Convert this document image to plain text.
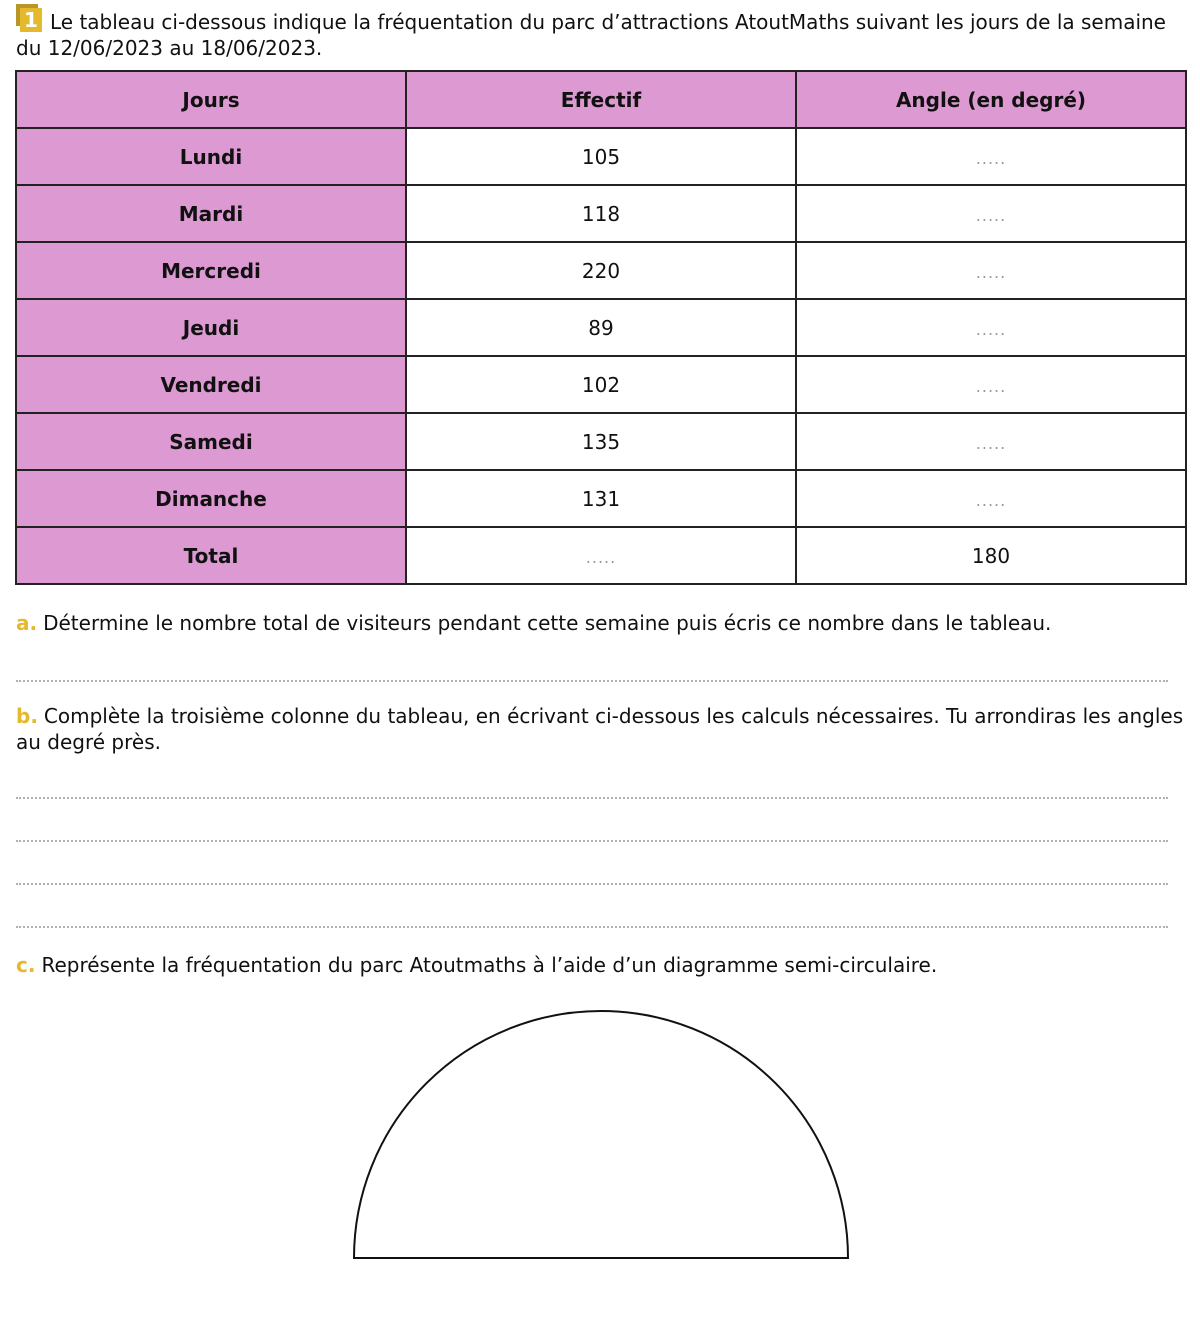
1 Le tableau ci-dessous indique la fréquentation du parc d’attractions AtoutMaths suivant les jours de la semaine du 12/06/2023 au 18/06/2023.
Jours	Effectif	Angle (en degré)
Lundi	105	.....
Mardi	118	.....
Mercredi	220	.....
Jeudi	89	.....
Vendredi	102	.....
Samedi	135	.....
Dimanche	131	.....
Total	.....	180
a. Détermine le nombre total de visiteurs pendant cette semaine puis écris ce nombre dans le tableau.
b. Complète la troisième colonne du tableau, en écrivant ci-dessous les calculs nécessaires. Tu arrondiras les angles au degré près.
c. Représente la fréquentation du parc Atoutmaths à l’aide d’un diagramme semi-circulaire.
